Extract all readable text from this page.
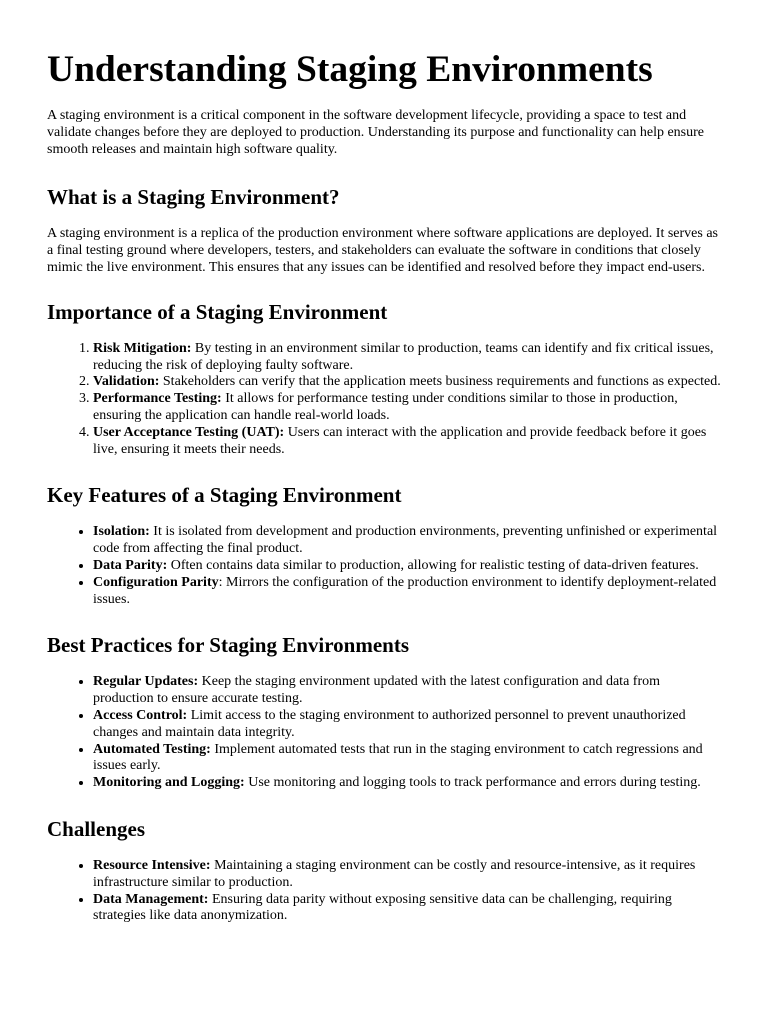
Understanding Staging Environments

A staging environment is a critical component in the software development lifecycle, providing a space to test and validate changes before they are deployed to production. Understanding its purpose and functionality can help ensure smooth releases and maintain high software quality.

What is a Staging Environment?

A staging environment is a replica of the production environment where software applications are deployed. It serves as a final testing ground where developers, testers, and stakeholders can evaluate the software in conditions that closely mimic the live environment. This ensures that any issues can be identified and resolved before they impact end-users.

Importance of a Staging Environment
1. Risk Mitigation: By testing in an environment similar to production, teams can identify and fix critical issues, reducing the risk of deploying faulty software.
2. Validation: Stakeholders can verify that the application meets business requirements and functions as expected.
3. Performance Testing: It allows for performance testing under conditions similar to those in production, ensuring the application can handle real-world loads.
4. User Acceptance Testing (UAT): Users can interact with the application and provide feedback before it goes live, ensuring it meets their needs.
Key Features of a Staging Environment
• Isolation: It is isolated from development and production environments, preventing unfinished or experimental code from affecting the final product.
• Data Parity: Often contains data similar to production, allowing for realistic testing of data-driven features.
• Configuration Parity: Mirrors the configuration of the production environment to identify deployment-related issues.
Best Practices for Staging Environments
• Regular Updates: Keep the staging environment updated with the latest configuration and data from production to ensure accurate testing.
• Access Control: Limit access to the staging environment to authorized personnel to prevent unauthorized changes and maintain data integrity.
• Automated Testing: Implement automated tests that run in the staging environment to catch regressions and issues early.
• Monitoring and Logging: Use monitoring and logging tools to track performance and errors during testing.
Challenges
• Resource Intensive: Maintaining a staging environment can be costly and resource-intensive, as it requires infrastructure similar to production.
• Data Management: Ensuring data parity without exposing sensitive data can be challenging, requiring strategies like data anonymization.
